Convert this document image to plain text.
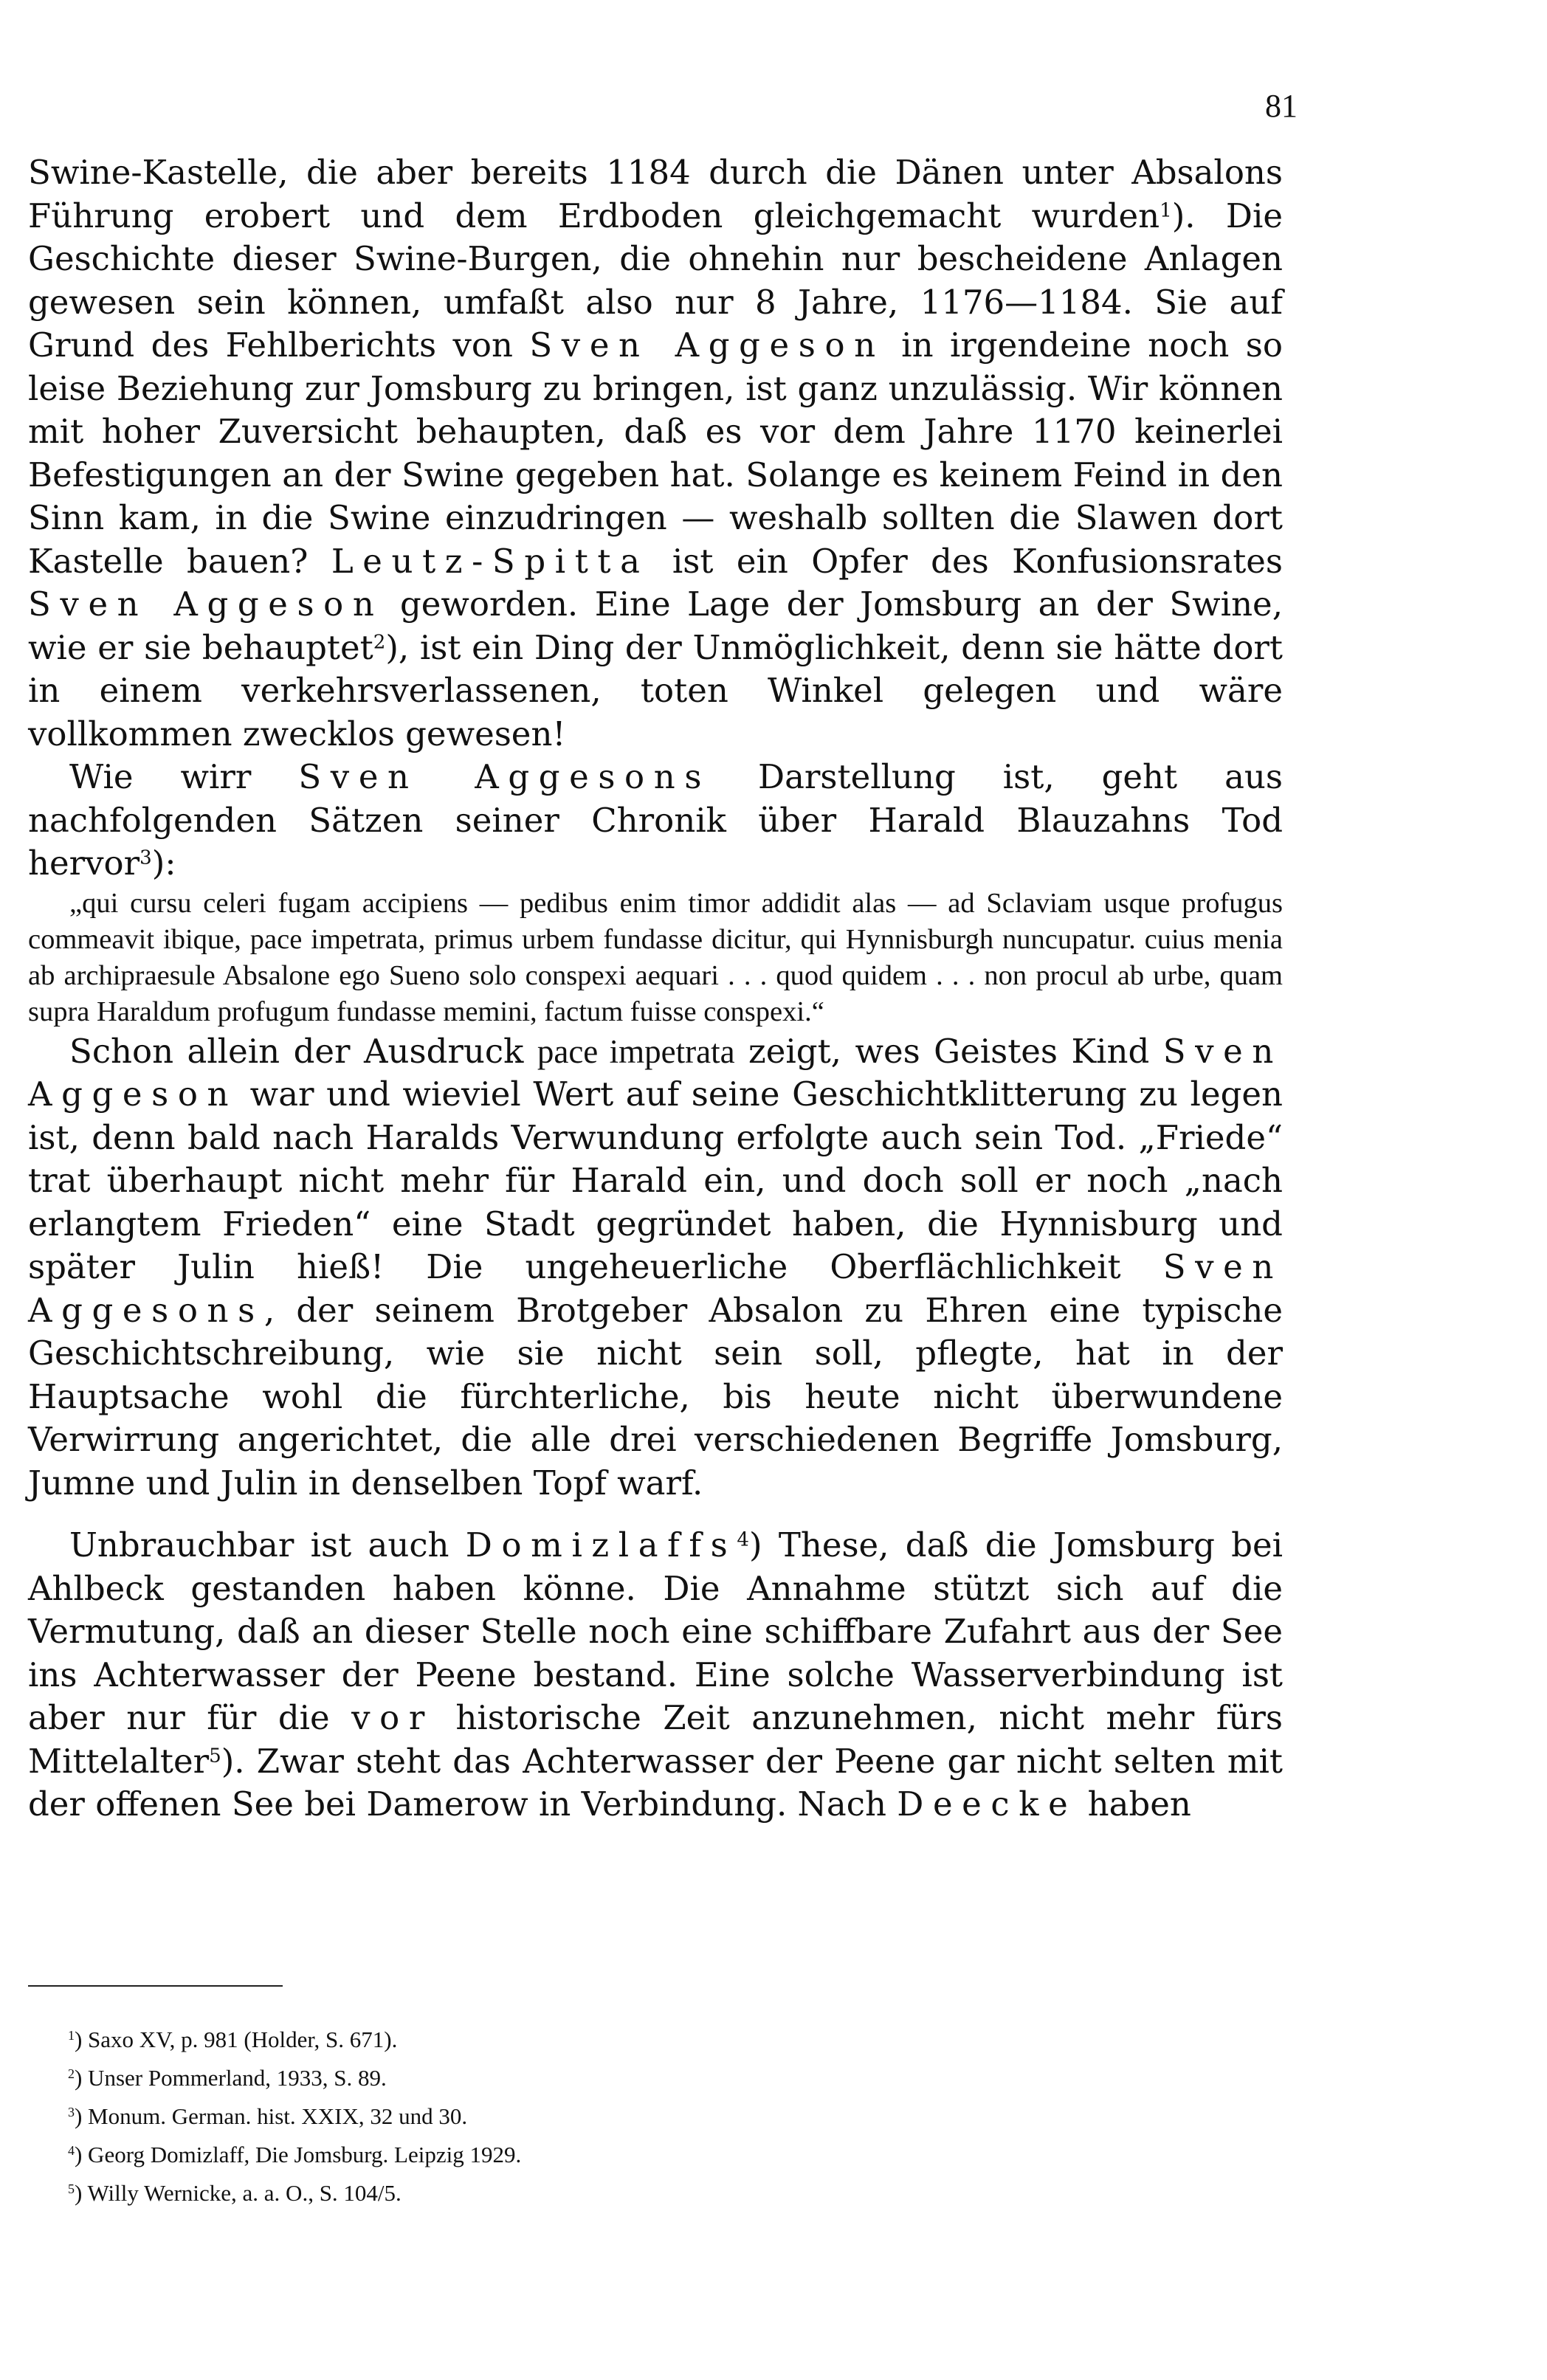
81

Swine-Kastelle, die aber bereits 1184 durch die Dänen unter Absalons Führung erobert und dem Erdboden gleichgemacht wurden$^1$). Die Geschichte dieser Swine-Burgen, die ohnehin nur bescheidene Anlagen gewesen sein können, umfaßt also nur 8 Jahre, 1176—1184. Sie auf Grund des Fehlberichts von Sven Aggeson in irgendeine noch so leise Beziehung zur Jomsburg zu bringen, ist ganz unzulässig. Wir können mit hoher Zuversicht behaupten, daß es vor dem Jahre 1170 keinerlei Befestigungen an der Swine gegeben hat. Solange es keinem Feind in den Sinn kam, in die Swine einzudringen — weshalb sollten die Slawen dort Kastelle bauen? Leutz-Spitta ist ein Opfer des Konfusionsrates Sven Aggeson geworden. Eine Lage der Jomsburg an der Swine, wie er sie behauptet$^2$), ist ein Ding der Unmöglichkeit, denn sie hätte dort in einem verkehrsverlassenen, toten Winkel gelegen und wäre vollkommen zwecklos gewesen!

Wie wirr Sven Aggesons Darstellung ist, geht aus nachfolgenden Sätzen seiner Chronik über Harald Blauzahns Tod hervor$^3$):

„qui cursu celeri fugam accipiens — pedibus enim timor addidit alas — ad Sclaviam usque profugus commeavit ibique, pace impetrata, primus urbem fundasse dicitur, qui Hynnisburgh nuncupatur. cuius menia ab archipraesule Absalone ego Sueno solo conspexi aequari . . . quod quidem . . . non procul ab urbe, quam supra Haraldum profugum fundasse memini, factum fuisse conspexi.“

Schon allein der Ausdruck pace impetrata zeigt, wes Geistes Kind Sven Aggeson war und wieviel Wert auf seine Geschichtklitterung zu legen ist, denn bald nach Haralds Verwundung erfolgte auch sein Tod. „Friede“ trat überhaupt nicht mehr für Harald ein, und doch soll er noch „nach erlangtem Frieden“ eine Stadt gegründet haben, die Hynnisburg und später Julin hieß! Die ungeheuerliche Oberflächlichkeit Sven Aggesons, der seinem Brotgeber Absalon zu Ehren eine typische Geschichtschreibung, wie sie nicht sein soll, pflegte, hat in der Hauptsache wohl die fürchterliche, bis heute nicht überwundene Verwirrung angerichtet, die alle drei verschiedenen Begriffe Jomsburg, Jumne und Julin in denselben Topf warf.

Unbrauchbar ist auch Domizlaffs$^4$) These, daß die Jomsburg bei Ahlbeck gestanden haben könne. Die Annahme stützt sich auf die Vermutung, daß an dieser Stelle noch eine schiffbare Zufahrt aus der See ins Achterwasser der Peene bestand. Eine solche Wasserverbindung ist aber nur für die vor historische Zeit anzunehmen, nicht mehr fürs Mittelalter$^5$). Zwar steht das Achterwasser der Peene gar nicht selten mit der offenen See bei Damerow in Verbindung. Nach Deecke haben

$^1$) Saxo XV, p. 981 (Holder, S. 671).
$^2$) Unser Pommerland, 1933, S. 89.
$^3$) Monum. German. hist. XXIX, 32 und 30.
$^4$) Georg Domizlaff, Die Jomsburg. Leipzig 1929.
$^5$) Willy Wernicke, a. a. O., S. 104/5.
